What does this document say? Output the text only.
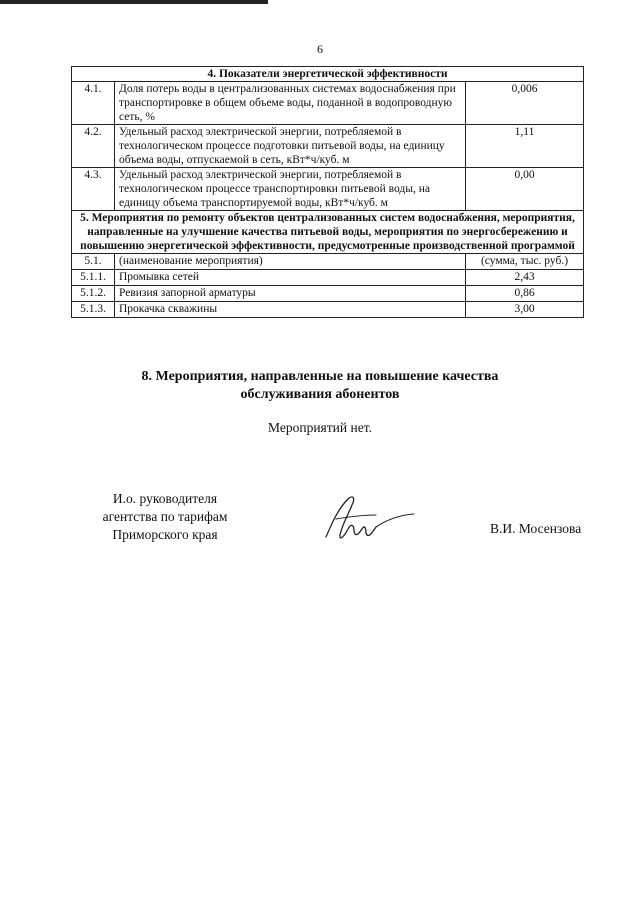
6
4. Показатели энергетической эффективности		
4.1.	Доля потерь воды в централизованных системах водоснабжения при транспортировке в общем объеме воды, поданной в водопроводную сеть, %	0,006
4.2.	Удельный расход электрической энергии, потребляемой в технологическом процессе подготовки питьевой воды, на единицу объема воды, отпускаемой в сеть, кВт*ч/куб. м	1,11
4.3.	Удельный расход электрической энергии, потребляемой в технологическом процессе транспортировки питьевой воды, на единицу объема транспортируемой воды, кВт*ч/куб. м	0,00
5. Мероприятия по ремонту объектов централизованных систем водоснабжения, мероприятия, направленные на улучшение качества питьевой воды, мероприятия по энергосбережению и повышению энергетической эффективности, предусмотренные производственной программой		
5.1.	(наименование мероприятия)	(сумма, тыс. руб.)
5.1.1.	Промывка сетей	2,43
5.1.2.	Ревизия запорной арматуры	0,86
5.1.3.	Прокачка скважины	3,00
8. Мероприятия, направленные на повышение качества
обслуживания абонентов
Мероприятий нет.
И.о. руководителя
агентства по тарифам
Приморского края	В.И. Мосензова
